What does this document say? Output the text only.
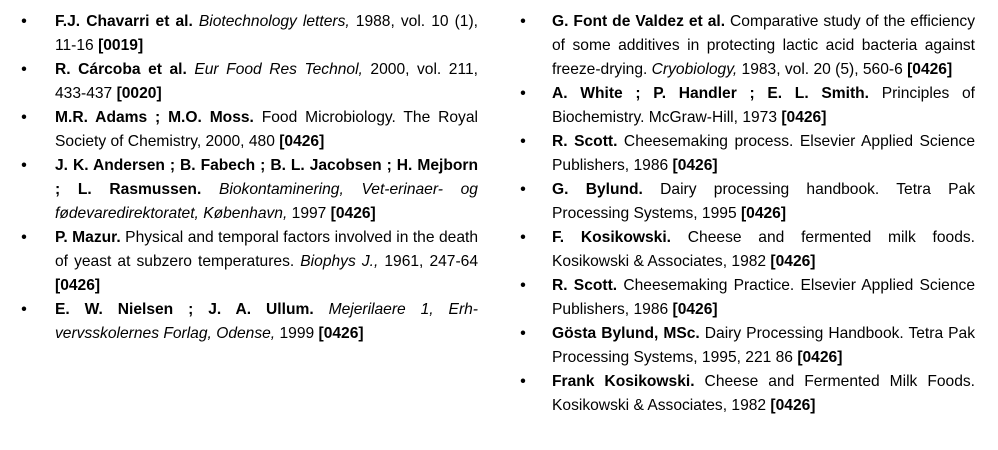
• F.J. Chavarri et al. Biotechnology letters, 1988, vol. 10 (1), 11-16 [0019]
• R. Cárcoba et al. Eur Food Res Technol, 2000, vol. 211, 433-437 [0020]
• M.R. Adams ; M.O. Moss. Food Microbiology. The Royal Society of Chemistry, 2000, 480 [0426]
• J. K. Andersen ; B. Fabech ; B. L. Jacobsen ; H. Mejborn ; L. Rasmussen. Biokontaminering, Vet-erinaer- og fødevaredirektoratet, København, 1997 [0426]
• P. Mazur. Physical and temporal factors involved in the death of yeast at subzero temperatures. Biophys J., 1961, 247-64 [0426]
• E. W. Nielsen ; J. A. Ullum. Mejerilaere 1, Erh-vervsskolernes Forlag, Odense, 1999 [0426]
• G. Font de Valdez et al. Comparative study of the efficiency of some additives in protecting lactic acid bacteria against freeze-drying. Cryobiology, 1983, vol. 20 (5), 560-6 [0426]
• A. White ; P. Handler ; E. L. Smith. Principles of Biochemistry. McGraw-Hill, 1973 [0426]
• R. Scott. Cheesemaking process. Elsevier Applied Science Publishers, 1986 [0426]
• G. Bylund. Dairy processing handbook. Tetra Pak Processing Systems, 1995 [0426]
• F. Kosikowski. Cheese and fermented milk foods. Kosikowski & Associates, 1982 [0426]
• R. Scott. Cheesemaking Practice. Elsevier Applied Science Publishers, 1986 [0426]
• Gösta Bylund, MSc. Dairy Processing Handbook. Tetra Pak Processing Systems, 1995, 221 86 [0426]
• Frank Kosikowski. Cheese and Fermented Milk Foods. Kosikowski & Associates, 1982 [0426]
